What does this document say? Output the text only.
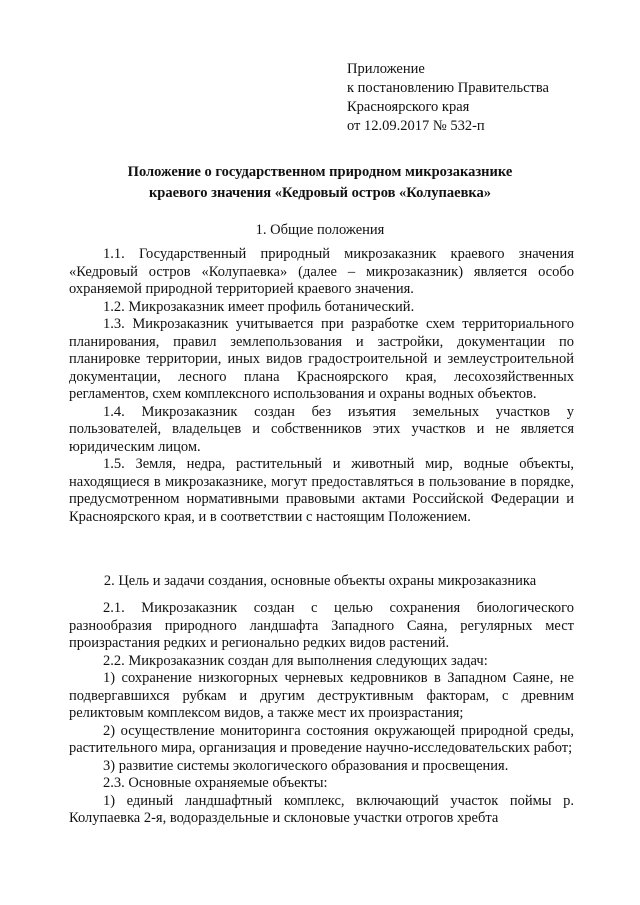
Приложение
к постановлению Правительства
Красноярского края
от 12.09.2017 № 532-п
Положение о государственном природном микрозаказнике
краевого значения «Кедровый остров «Колупаевка»
1. Общие положения

1.1. Государственный природный микрозаказник краевого значения «Кедровый остров «Колупаевка» (далее – микрозаказник) является особо охраняемой природной территорией краевого значения.

1.2. Микрозаказник имеет профиль ботанический.

1.3. Микрозаказник учитывается при разработке схем территориального планирования, правил землепользования и застройки, документации по планировке территории, иных видов градостроительной и землеустроительной документации, лесного плана Красноярского края, лесохозяйственных регламентов, схем комплексного использования и охраны водных объектов.

1.4. Микрозаказник создан без изъятия земельных участков у пользователей, владельцев и собственников этих участков и не является юридическим лицом.

1.5. Земля, недра, растительный и животный мир, водные объекты, находящиеся в микрозаказнике, могут предоставляться в пользование в порядке, предусмотренном нормативными правовыми актами Российской Федерации и Красноярского края, и в соответствии с настоящим Положением.

2. Цель и задачи создания, основные объекты охраны микрозаказника

2.1. Микрозаказник создан с целью сохранения биологического разнообразия природного ландшафта Западного Саяна, регулярных мест произрастания редких и регионально редких видов растений.

2.2. Микрозаказник создан для выполнения следующих задач:

1) сохранение низкогорных черневых кедровников в Западном Саяне, не подвергавшихся рубкам и другим деструктивным факторам, с древним реликтовым комплексом видов, а также мест их произрастания;

2) осуществление мониторинга состояния окружающей природной среды, растительного мира, организация и проведение научно-исследовательских работ;

3) развитие системы экологического образования и просвещения.

2.3. Основные охраняемые объекты:

1) единый ландшафтный комплекс, включающий участок поймы р. Колупаевка 2-я, водораздельные и склоновые участки отрогов хребта
